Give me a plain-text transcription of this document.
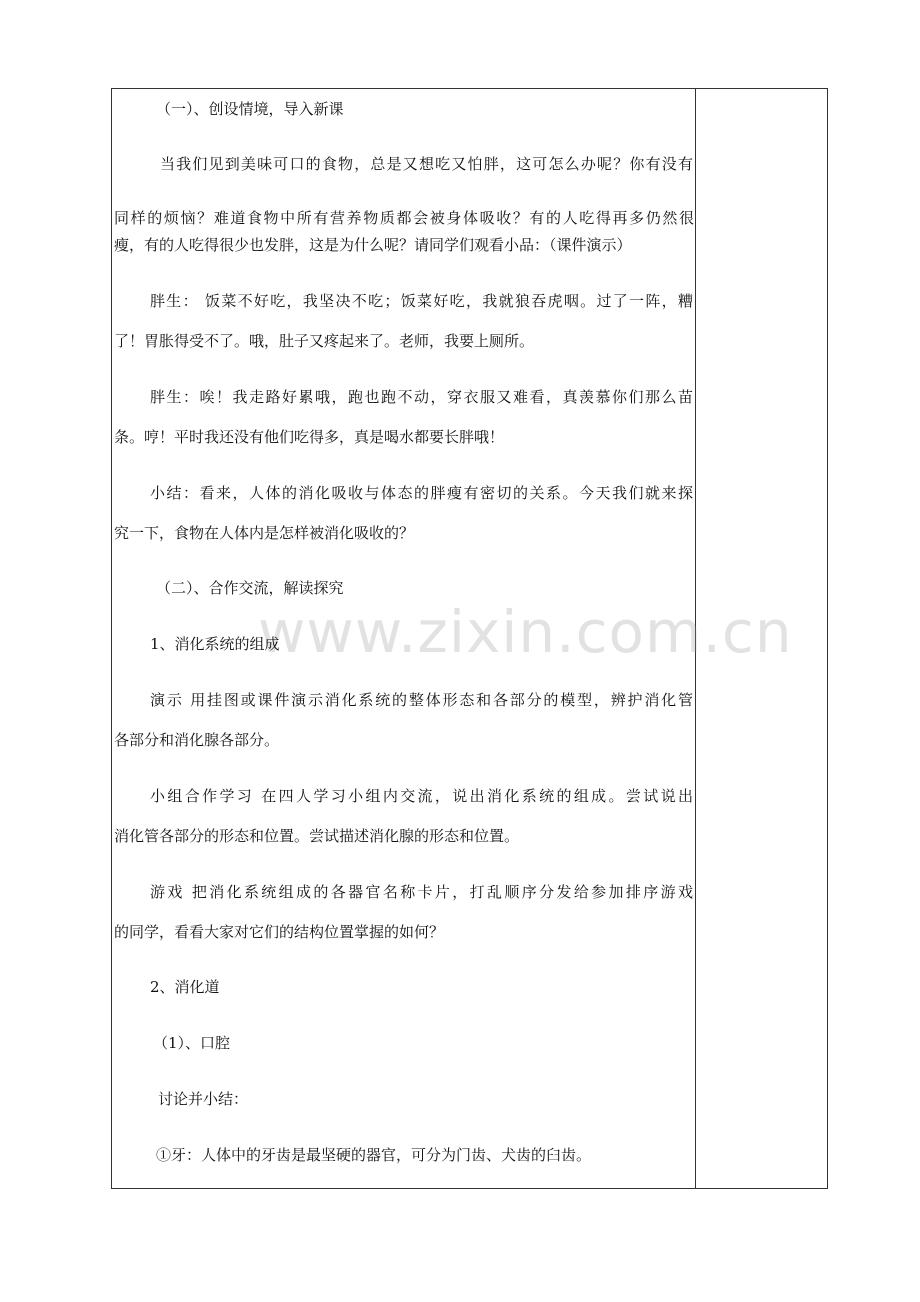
www.zixin.com.cn
（一）、创设情境，导入新课
当我们见到美味可口的食物，总是又想吃又怕胖，这可怎么办呢？你有没有
同样的烦恼？难道食物中所有营养物质都会被身体吸收？有的人吃得再多仍然很
瘦，有的人吃得很少也发胖，这是为什么呢？请同学们观看小品：（课件演示）
胖生： 饭菜不好吃，我坚决不吃；饭菜好吃，我就狼吞虎咽。过了一阵，糟
了！胃胀得受不了。哦，肚子又疼起来了。老师，我要上厕所。
胖生：唉！我走路好累哦，跑也跑不动，穿衣服又难看，真羡慕你们那么苗
条。哼！平时我还没有他们吃得多，真是喝水都要长胖哦！
小结：看来，人体的消化吸收与体态的胖瘦有密切的关系。今天我们就来探
究一下，食物在人体内是怎样被消化吸收的？
（二）、合作交流，解读探究
1、消化系统的组成
演示 用挂图或课件演示消化系统的整体形态和各部分的模型，辨护消化管
各部分和消化腺各部分。
小组合作学习 在四人学习小组内交流，说出消化系统的组成。尝试说出
消化管各部分的形态和位置。尝试描述消化腺的形态和位置。
游戏 把消化系统组成的各器官名称卡片，打乱顺序分发给参加排序游戏
的同学，看看大家对它们的结构位置掌握的如何？
2、消化道
（1）、口腔
讨论并小结：
①牙：人体中的牙齿是最坚硬的器官，可分为门齿、犬齿的臼齿。
